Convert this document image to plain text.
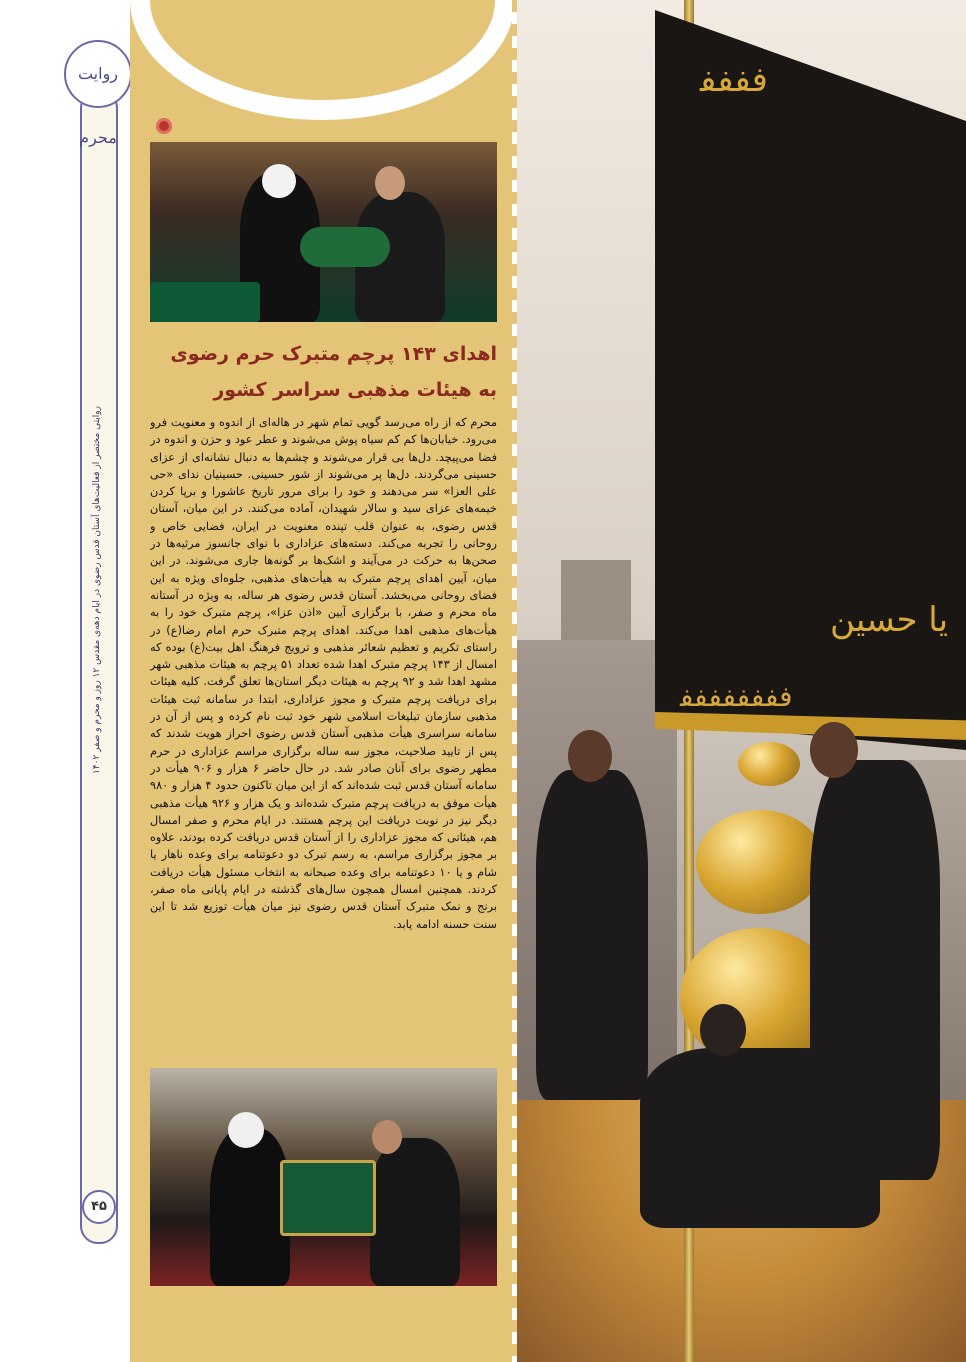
روایت محرم
روایتی مختصر از فعالیت‌های آستان قدس رضوی در ایام دهه‌ی مقدس ۱۲ روز و محرم و صفر ۱۴۰۲
۴۵
اهدای ۱۴۳ پرچم متبرک حرم رضوی
به هیئات مذهبی سراسر کشور
محرم که از راه می‌رسد گویی تمام شهر در هاله‌ای از اندوه و معنویت فرو می‌رود. خیابان‌ها کم کم سیاه پوش می‌شوند و عطر عود و حزن و اندوه در فضا می‌پیچد. دل‌ها بی قرار می‌شوند و چشم‌ها به دنبال نشانه‌ای از عزای حسینی می‌گردند. دل‌ها پر می‌شوند از شور حسینی. حسینیان ندای «حی علی العزا» سر می‌دهند و خود را برای مرور تاریخ عاشورا و برپا کردن خیمه‌های عزای سید و سالار شهیدان، آماده می‌کنند. در این میان، آستان قدس رضوی، به عنوان قلب تپنده معنویت در ایران، فضایی خاص و روحانی را تجربه می‌کند. دسته‌های عزاداری با نوای جانسوز مرثیه‌ها در صحن‌ها به حرکت در می‌آیند و اشک‌ها بر گونه‌ها جاری می‌شوند. در این میان، آیین اهدای پرچم متبرک به هیأت‌های مذهبی، جلوه‌ای ویژه به این فضای روحانی می‌بخشد. آستان قدس رضوی هر ساله، به ویژه در آستانه ماه محرم و صفر، با برگزاری آیین «اذن عزا»، پرچم متبرک خود را به هیأت‌های مذهبی اهدا می‌کند. اهدای پرچم متبرک حرم امام رضا(ع) در راستای تکریم و تعظیم شعائر مذهبی و ترویج فرهنگ اهل بیت(ع) بوده که امسال از ۱۴۳ پرچم متبرک اهدا شده تعداد ۵۱ پرچم به هیئات مذهبی شهر مشهد اهدا شد و ۹۲ پرچم به هیئات دیگر استان‌ها تعلق گرفت. کلیه هیئات برای دریافت پرچم متبرک و مجوز عزاداری، ابتدا در سامانه ثبت هیئات مذهبی سازمان تبلیغات اسلامی شهر خود ثبت نام کرده و پس از آن در سامانه سراسری هیأت مذهبی آستان قدس رضوی احراز هویت شدند که پس از تایید صلاحیت، مجوز سه ساله برگزاری مراسم عزاداری در حرم مطهر رضوی برای آنان صادر شد. در حال حاضر ۶ هزار و ۹۰۶ هیأت در سامانه آستان قدس ثبت شده‌اند که از این میان تاکنون حدود ۴ هزار و ۹۸۰ هیأت موفق به دریافت پرچم متبرک شده‌اند و یک هزار و ۹۲۶ هیأت مذهبی دیگر نیز در نوبت دریافت این پرچم هستند. در ایام محرم و صفر امسال هم، هیئاتی که مجوز عزاداری را از آستان قدس دریافت کرده بودند، علاوه بر مجوز برگزاری مراسم، به رسم تبرک دو دعوتنامه برای وعده ناهار یا شام و یا ۱۰ دعوتنامه برای وعده صبحانه به انتخاب مسئول هیأت دریافت کردند. همچنین امسال همچون سال‌های گذشته در ایام پایانی ماه صفر، برنج و نمک متبرک آستان قدس رضوی نیز میان هیأت توزیع شد تا این سنت حسنه ادامه یابد.
ﻓﻔﻔﻔ
ﻳﺎ ﺣﺴﻴﻦ
ﻓﻔﻔﻔﻔﻔﻔﻔ
